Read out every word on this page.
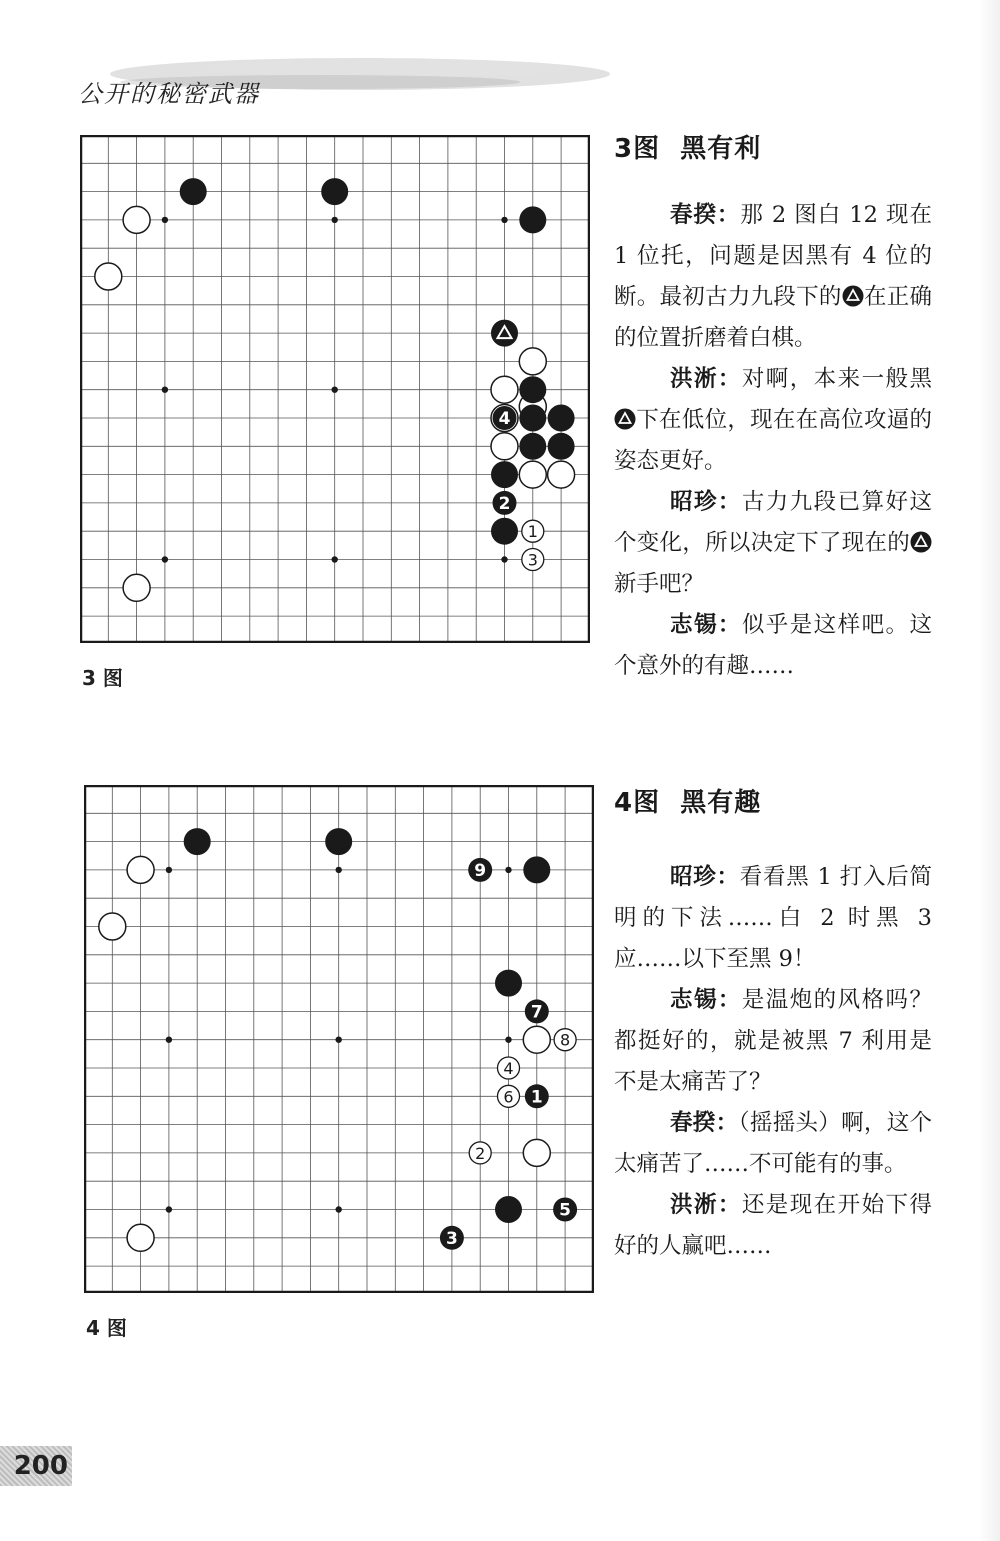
公开的秘密武器
4
2
1
3
3 图
9
7
1
5
3
8
4
6
2
4 图
3图  黑有利

春揆：那 2 图白 12 现在 1 位托，问题是因黑有 4 位的断。最初古力九段下的 在正确的位置折磨着白棋。

洪淅：对啊，本来一般黑下在低位，现在在高位攻逼的姿态更好。

昭珍：古力九段已算好这个变化，所以决定下了现在的新手吧？

志锡：似乎是这样吧。这个意外的有趣……

4图  黑有趣

昭珍：看看黑 1 打入后简明的下法……白 2 时黑 3 应……以下至黑 9！

志锡：是温炮的风格吗？都挺好的，就是被黑 7 利用是不是太痛苦了？

春揆：（摇摇头）啊，这个太痛苦了……不可能有的事。

洪淅：还是现在开始下得好的人赢吧……

200
